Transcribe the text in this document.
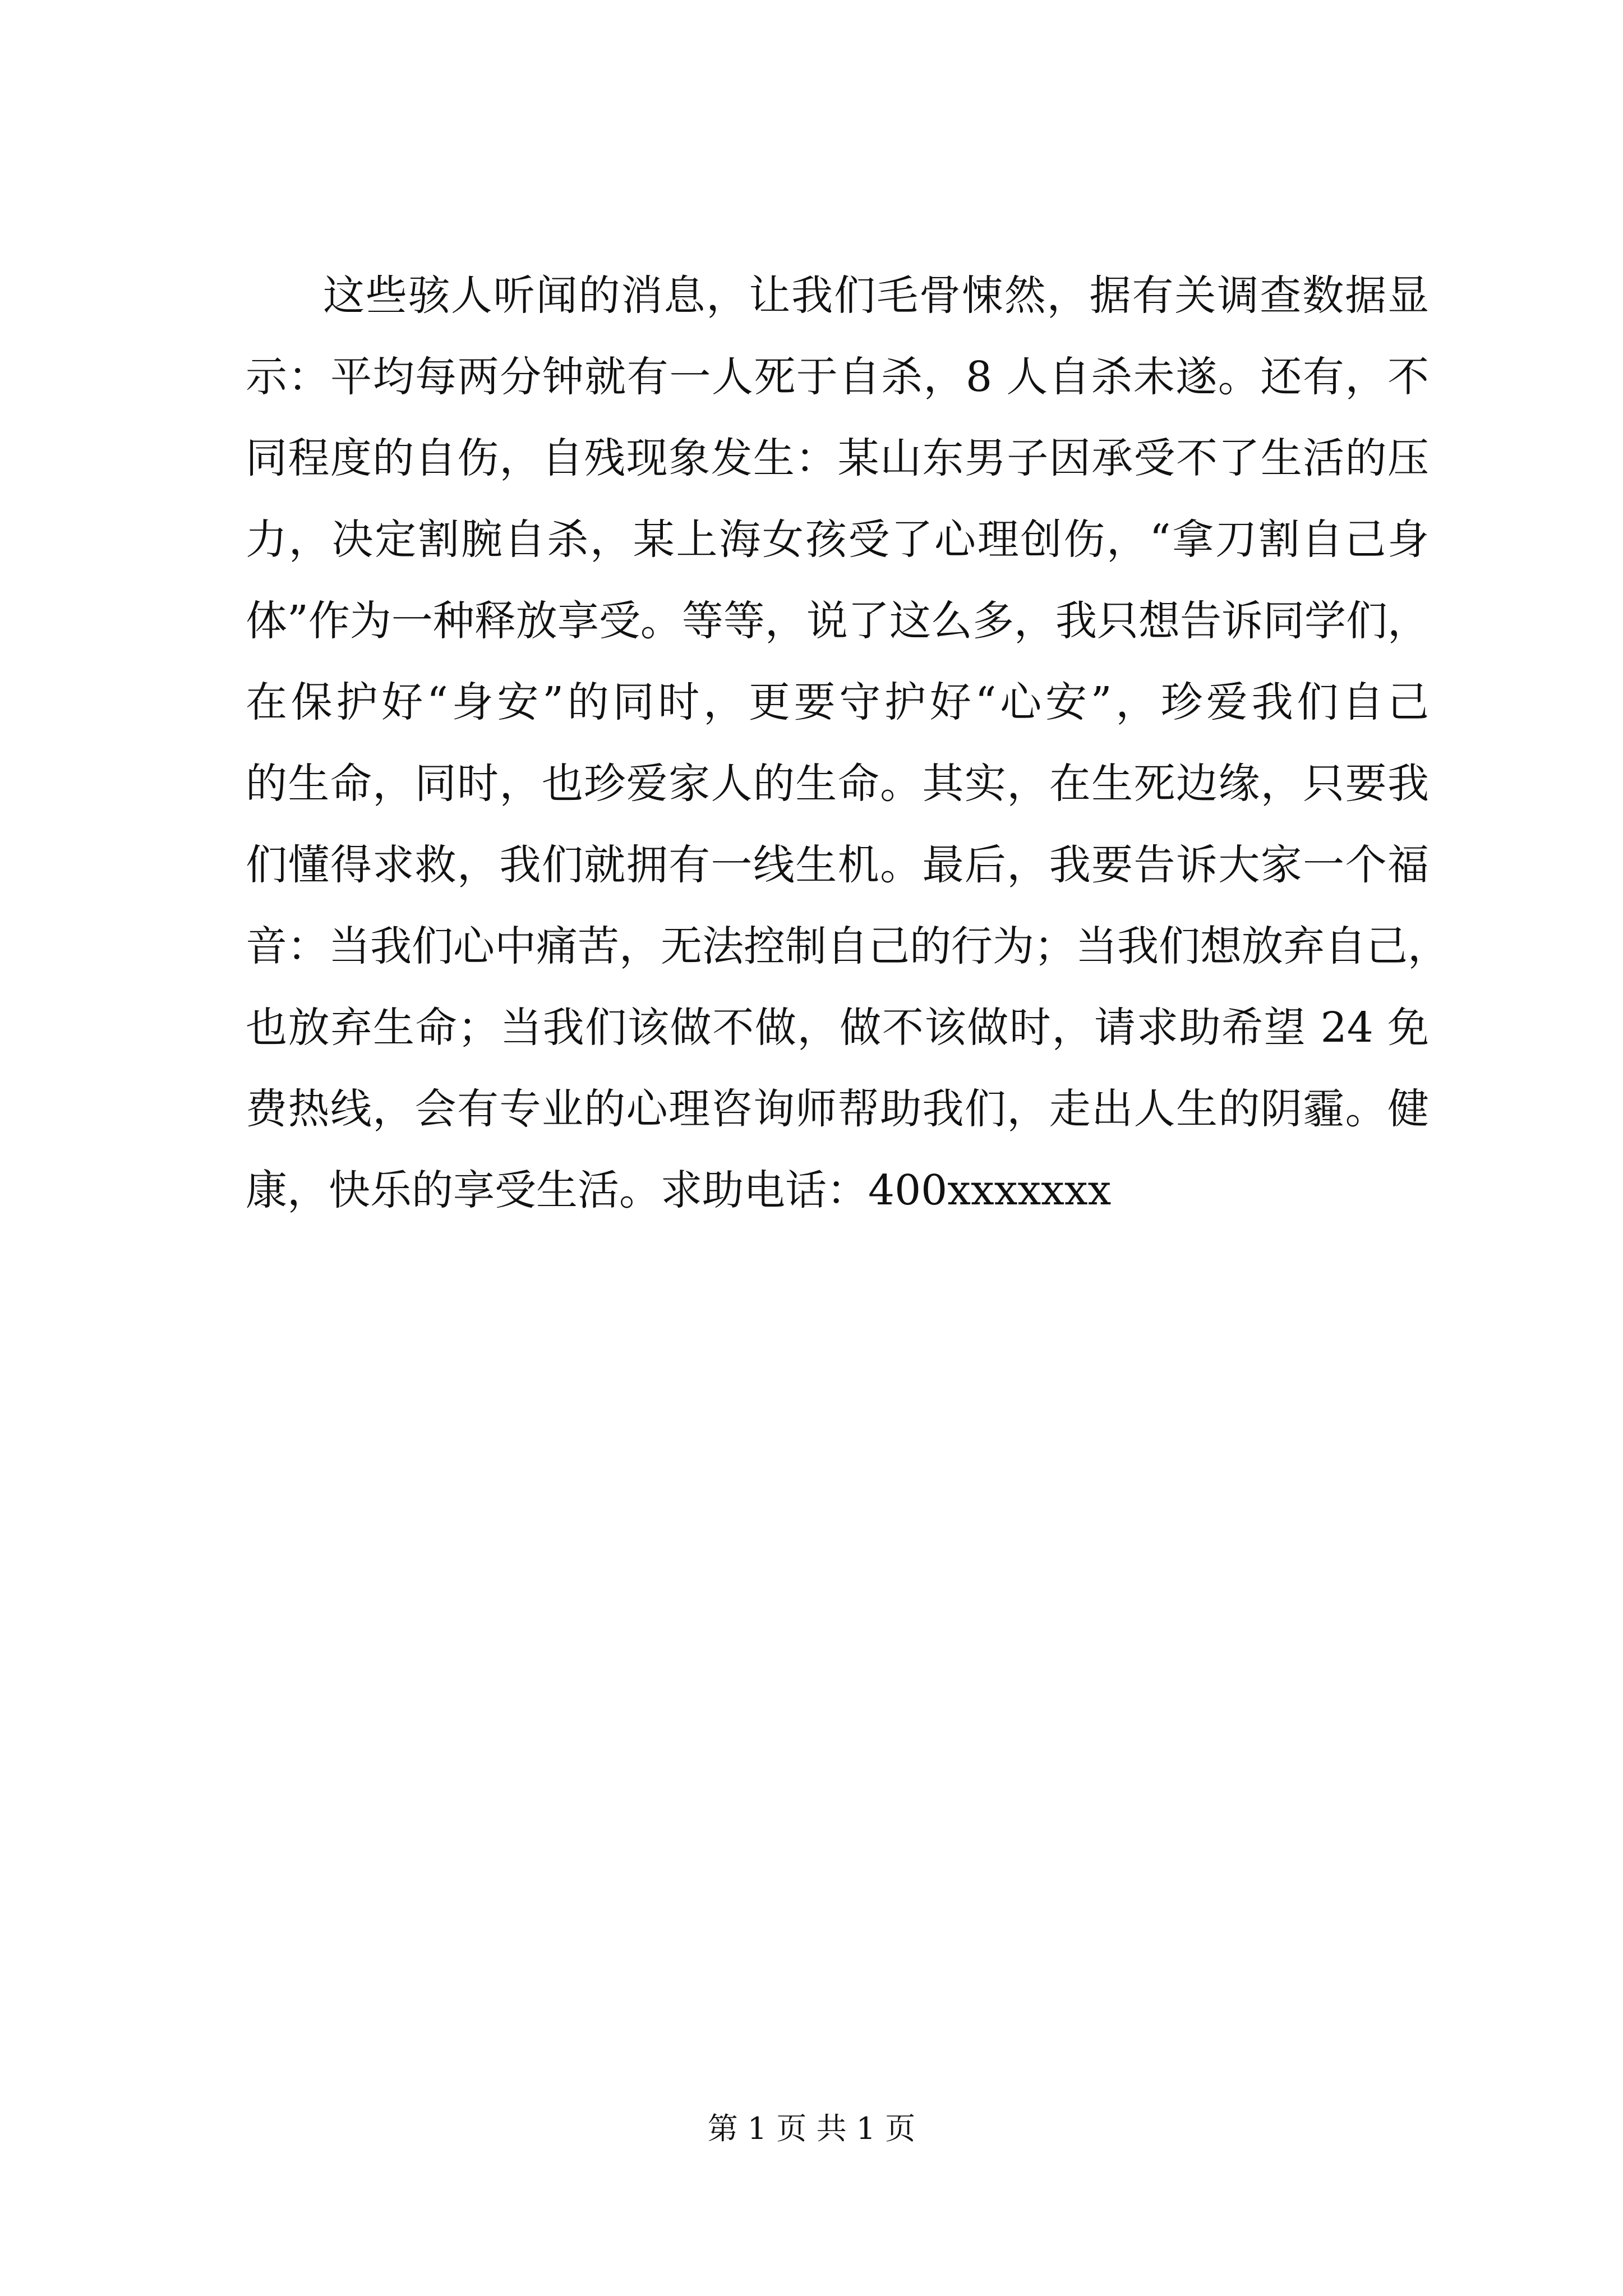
这些骇人听闻的消息，让我们毛骨悚然，据有关调查数据显
示：平均每两分钟就有一人死于自杀，8 人自杀未遂。还有，不
同程度的自伤，自残现象发生：某山东男子因承受不了生活的压
力，决定割腕自杀，某上海女孩受了心理创伤，“拿刀割自己身
体”作为一种释放享受。等等，说了这么多，我只想告诉同学们，
在保护好“身安”的同时，更要守护好“心安”，珍爱我们自己
的生命，同时，也珍爱家人的生命。其实，在生死边缘，只要我
们懂得求救，我们就拥有一线生机。最后，我要告诉大家一个福
音：当我们心中痛苦，无法控制自己的行为；当我们想放弃自己，
也放弃生命；当我们该做不做，做不该做时，请求助希望 24 免
费热线，会有专业的心理咨询师帮助我们，走出人生的阴霾。健
康，快乐的享受生活。求助电话：400xxxxxxx
第 1 页 共 1 页
